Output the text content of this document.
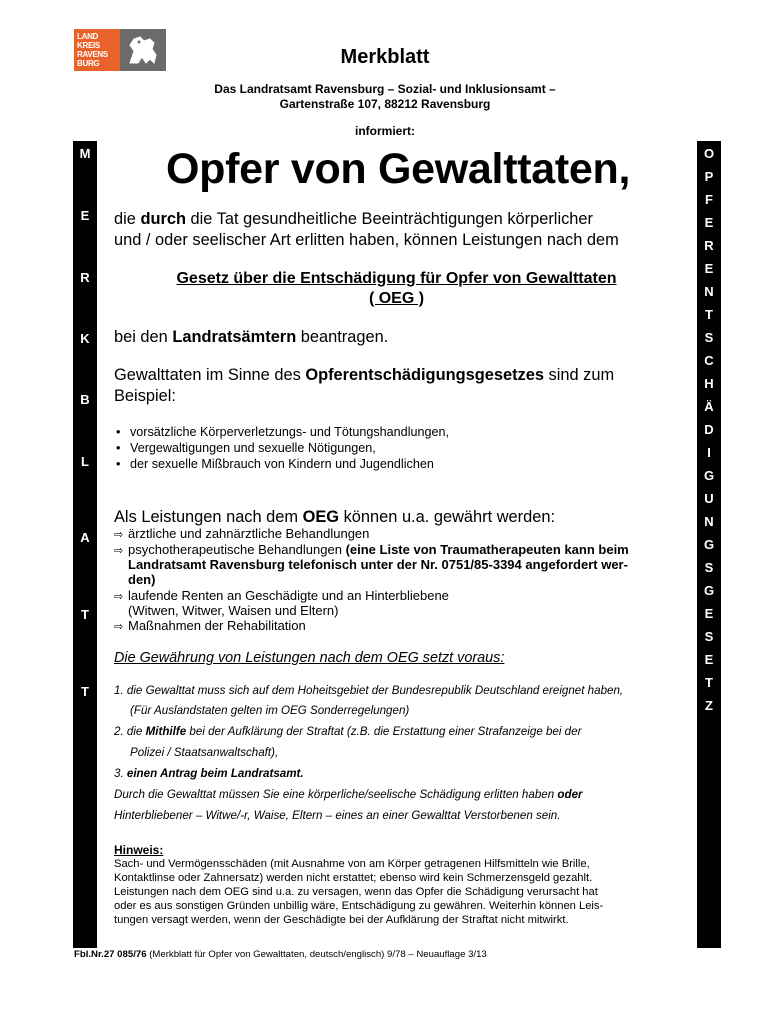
LAND
KREIS
RAVENS
BURG	Merkblatt
Das Landratsamt Ravensburg – Sozial- und Inklusionsamt –
Gartenstraße 107, 88212 Ravensburg
informiert:
M
E
R
K
B
L
A
T
T
O
P
F
E
R
E
N
T
S
C
H
Ä
D
I
G
U
N
G
S
G
E
S
E
T
Z
Opfer von Gewalttaten,
die durch die Tat gesundheitliche Beeinträchtigungen körperlicher
und / oder seelischer Art erlitten haben, können Leistungen nach dem
Gesetz über die Entschädigung für Opfer von Gewalttaten
( OEG )
bei den Landratsämtern beantragen.
Gewalttaten im Sinne des Opferentschädigungsgesetzes sind zum
Beispiel:
• vorsätzliche Körperverletzungs- und Tötungshandlungen,
• Vergewaltigungen und sexuelle Nötigungen,
• der sexuelle Mißbrauch von Kindern und Jugendlichen
Als Leistungen nach dem OEG können u.a. gewährt werden:
⇨ ärztliche und zahnärztliche Behandlungen
⇨ psychotherapeutische Behandlungen (eine Liste von Traumatherapeuten kann beim
Landratsamt Ravensburg telefonisch unter der Nr. 0751/85-3394 angefordert wer-
den)
⇨ laufende Renten an Geschädigte und an Hinterbliebene
(Witwen, Witwer, Waisen und Eltern)
⇨ Maßnahmen der Rehabilitation
Die Gewährung von Leistungen nach dem OEG setzt voraus:
1. die Gewalttat muss sich auf dem Hoheitsgebiet der Bundesrepublik Deutschland ereignet haben,
(Für Auslandstaten gelten im OEG Sonderregelungen)
2. die Mithilfe bei der Aufklärung der Straftat (z.B. die Erstattung einer Strafanzeige bei der
Polizei / Staatsanwaltschaft),
3. einen Antrag beim Landratsamt.
Durch die Gewalttat müssen Sie eine körperliche/seelische Schädigung erlitten haben oder
Hinterbliebener – Witwe/-r, Waise, Eltern – eines an einer Gewalttat Verstorbenen sein.
Hinweis:
Sach- und Vermögensschäden (mit Ausnahme von am Körper getragenen Hilfsmitteln wie Brille,
Kontaktlinse oder Zahnersatz) werden nicht erstattet; ebenso wird kein Schmerzensgeld gezahlt.
Leistungen nach dem OEG sind u.a. zu versagen, wenn das Opfer die Schädigung verursacht hat
oder es aus sonstigen Gründen unbillig wäre, Entschädigung zu gewähren. Weiterhin können Leis-
tungen versagt werden, wenn der Geschädigte bei der Aufklärung der Straftat nicht mitwirkt.
Fbl.Nr.27 085/76 (Merkblatt für Opfer von Gewalttaten, deutsch/englisch) 9/78 – Neuauflage 3/13
